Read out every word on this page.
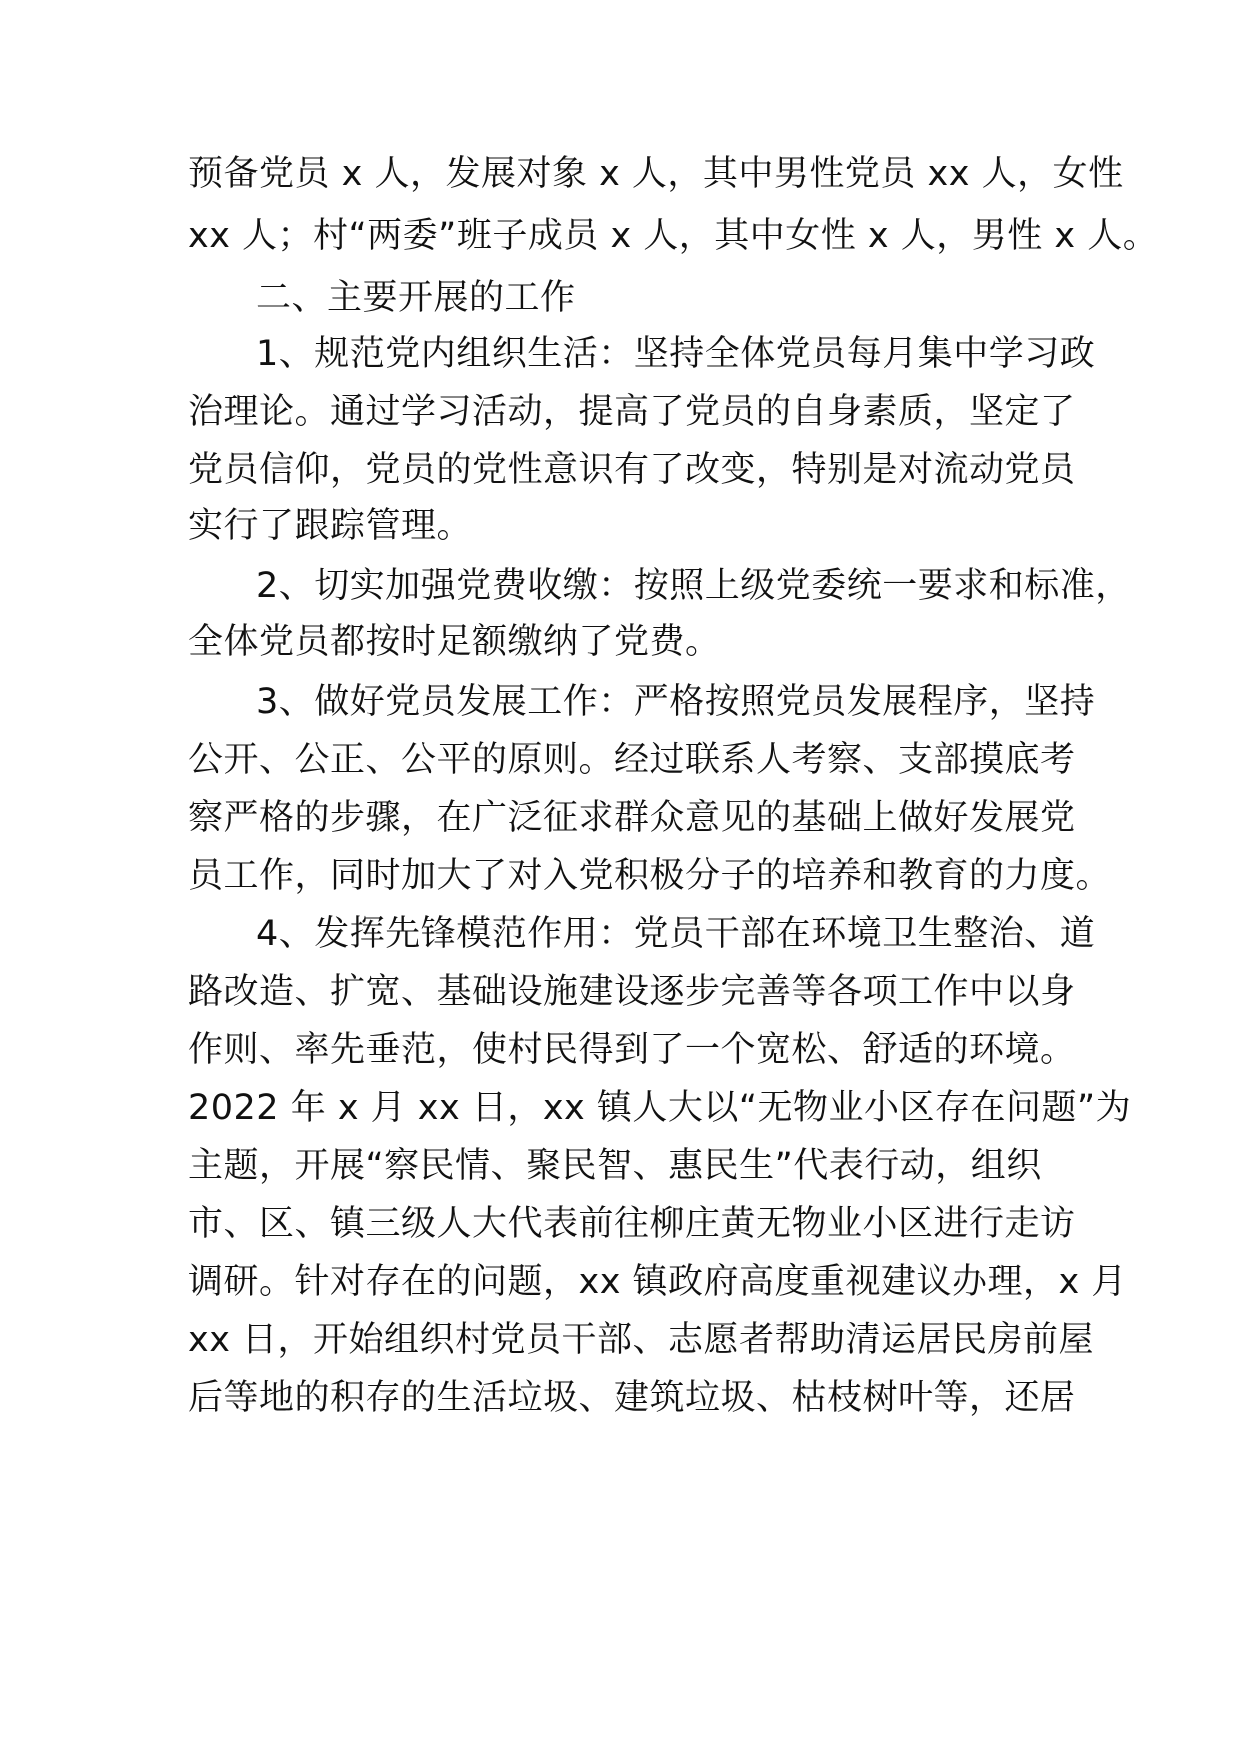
预备党员 x 人，发展对象 x 人，其中男性党员 xx 人，女性
xx 人；村“两委”班子成员 x 人，其中女性 x 人，男性 x 人。
二、主要开展的工作
1、规范党内组织生活：坚持全体党员每月集中学习政
治理论。通过学习活动，提高了党员的自身素质，坚定了
党员信仰，党员的党性意识有了改变，特别是对流动党员
实行了跟踪管理。
2、切实加强党费收缴：按照上级党委统一要求和标准，
全体党员都按时足额缴纳了党费。
3、做好党员发展工作：严格按照党员发展程序，坚持
公开、公正、公平的原则。经过联系人考察、支部摸底考
察严格的步骤，在广泛征求群众意见的基础上做好发展党
员工作，同时加大了对入党积极分子的培养和教育的力度。
4、发挥先锋模范作用：党员干部在环境卫生整治、道
路改造、扩宽、基础设施建设逐步完善等各项工作中以身
作则、率先垂范，使村民得到了一个宽松、舒适的环境。
2022 年 x 月 xx 日，xx 镇人大以“无物业小区存在问题”为
主题，开展“察民情、聚民智、惠民生”代表行动，组织
市、区、镇三级人大代表前往柳庄黄无物业小区进行走访
调研。针对存在的问题，xx 镇政府高度重视建议办理，x 月
xx 日，开始组织村党员干部、志愿者帮助清运居民房前屋
后等地的积存的生活垃圾、建筑垃圾、枯枝树叶等，还居
